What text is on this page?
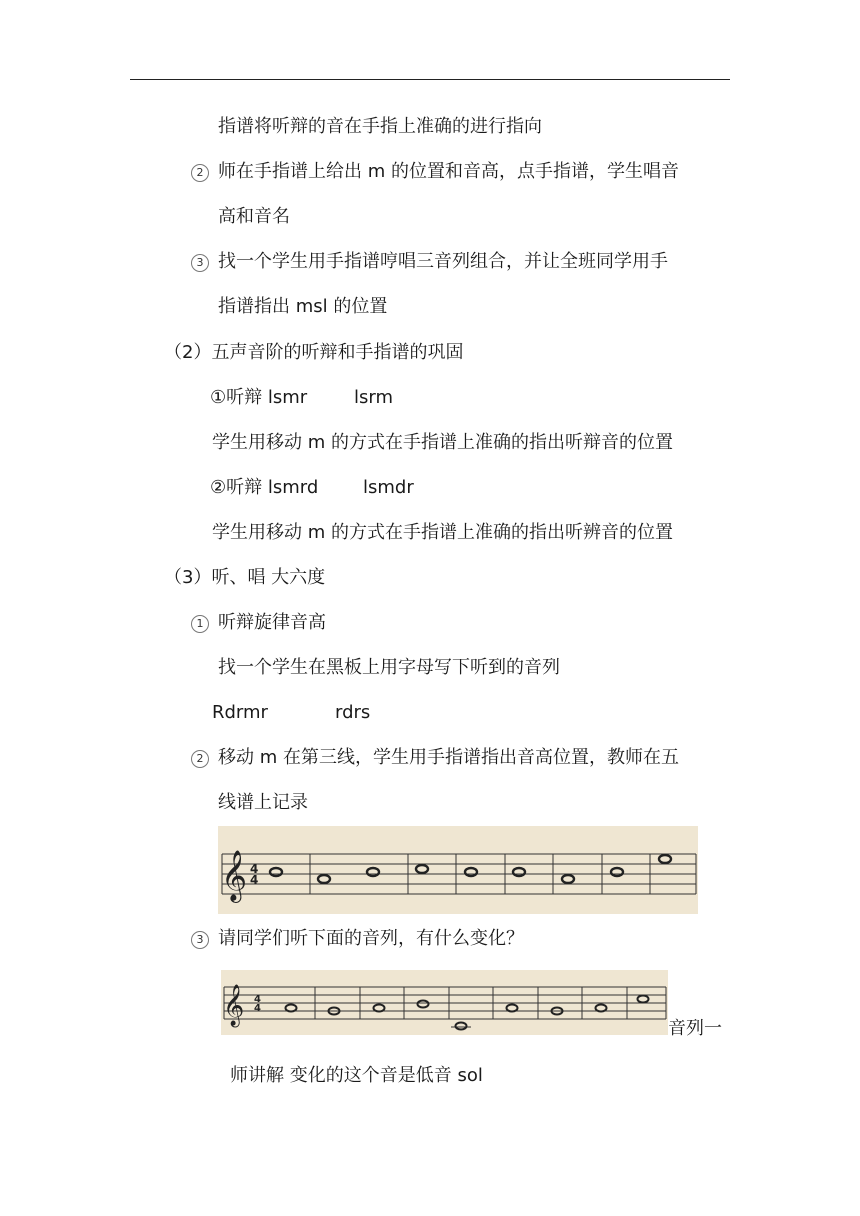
指谱将听辩的音在手指上准确的进行指向
2 师在手指谱上给出 m 的位置和音高，点手指谱，学生唱音
高和音名
3 找一个学生用手指谱哼唱三音列组合，并让全班同学用手
指谱指出 msl 的位置
（2）五声音阶的听辩和手指谱的巩固
①听辩 lsmr	lsrm
学生用移动 m 的方式在手指谱上准确的指出听辩音的位置
②听辩 lsmrd lsmdr
学生用移动 m 的方式在手指谱上准确的指出听辨音的位置
（3）听、唱 大六度
1 听辩旋律音高
找一个学生在黑板上用字母写下听到的音列
Rdrmr	rdrs
2 移动 m 在第三线，学生用手指谱指出音高位置，教师在五
线谱上记录
𝄞 4
4
3 请同学们听下面的音列，有什么变化？
𝄞 4
4
音列一
师讲解 变化的这个音是低音 sol
